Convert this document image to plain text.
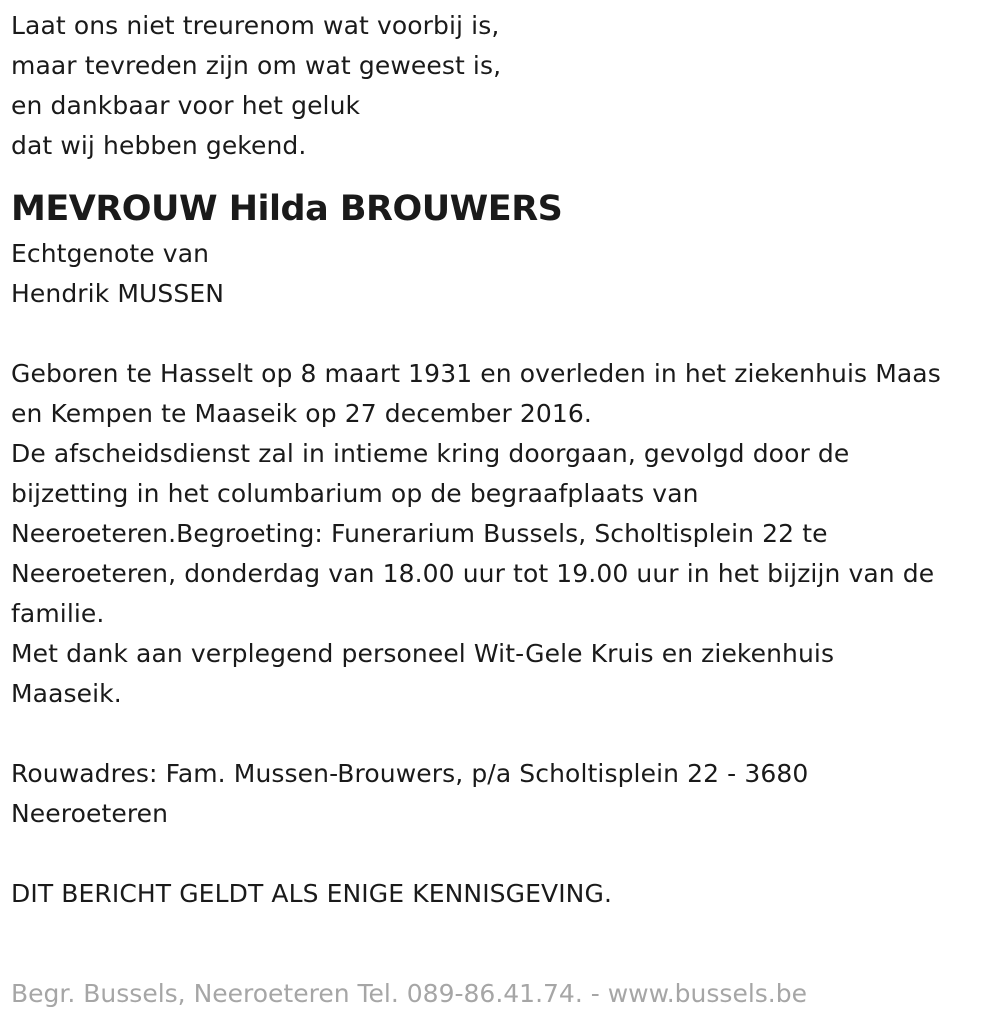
Laat ons niet treurenom wat voorbij is,
maar tevreden zijn om wat geweest is,
en dankbaar voor het geluk
dat wij hebben gekend.
MEVROUW Hilda BROUWERS
Echtgenote van
Hendrik MUSSEN
Geboren te Hasselt op 8 maart 1931 en overleden in het ziekenhuis Maas
en Kempen te Maaseik op 27 december 2016.
De afscheidsdienst zal in intieme kring doorgaan, gevolgd door de
bijzetting in het columbarium op de begraafplaats van
Neeroeteren.Begroeting: Funerarium Bussels, Scholtisplein 22 te
Neeroeteren, donderdag van 18.00 uur tot 19.00 uur in het bijzijn van de
familie.
Met dank aan verplegend personeel Wit-Gele Kruis en ziekenhuis
Maaseik.
Rouwadres: Fam. Mussen-Brouwers, p/a Scholtisplein 22 - 3680
Neeroeteren
DIT BERICHT GELDT ALS ENIGE KENNISGEVING.
Begr. Bussels, Neeroeteren Tel. 089-86.41.74. - www.bussels.be
